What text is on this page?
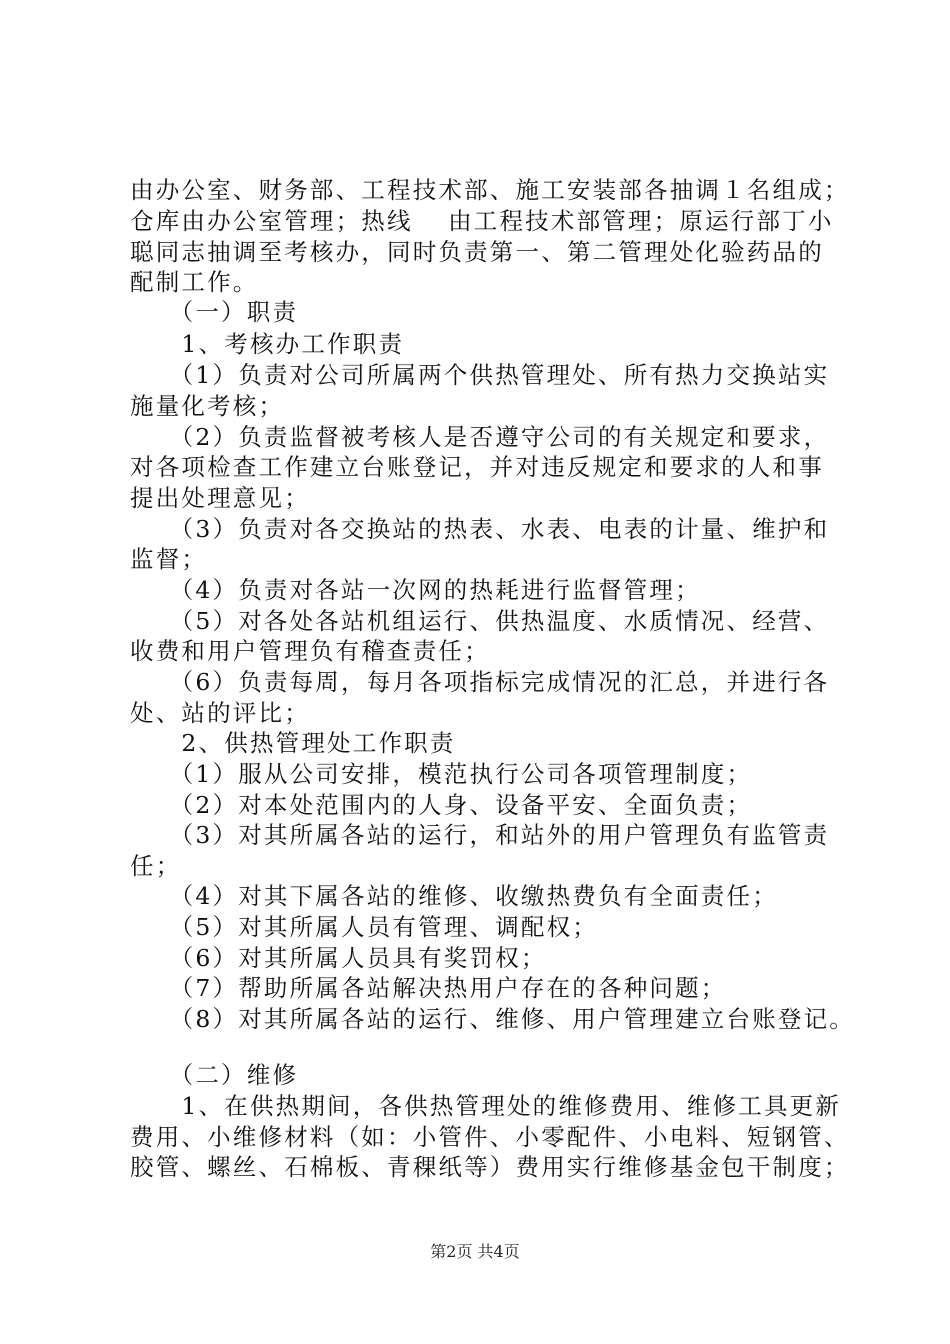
由办公室、财务部、工程技术部、施工安装部各抽调１名组成；
仓库由办公室管理；热线　 由工程技术部管理；原运行部丁小
聪同志抽调至考核办，同时负责第一、第二管理处化验药品的
配制工作。
　　（一）职责
　　1、考核办工作职责
　　（1）负责对公司所属两个供热管理处、所有热力交换站实
施量化考核；
　　（2）负责监督被考核人是否遵守公司的有关规定和要求，
对各项检查工作建立台账登记，并对违反规定和要求的人和事
提出处理意见；
　　（3）负责对各交换站的热表、水表、电表的计量、维护和
监督；
　　（4）负责对各站一次网的热耗进行监督管理；
　　（5）对各处各站机组运行、供热温度、水质情况、经营、
收费和用户管理负有稽查责任；
　　（6）负责每周，每月各项指标完成情况的汇总，并进行各
处、站的评比；
　　2、供热管理处工作职责
　　（1）服从公司安排，模范执行公司各项管理制度；
　　（2）对本处范围内的人身、设备平安、全面负责；
　　（3）对其所属各站的运行，和站外的用户管理负有监管责
任；
　　（4）对其下属各站的维修、收缴热费负有全面责任；
　　（5）对其所属人员有管理、调配权；
　　（6）对其所属人员具有奖罚权；
　　（7）帮助所属各站解决热用户存在的各种问题；
　　（8）对其所属各站的运行、维修、用户管理建立台账登记。
　　（二）维修
　　1、在供热期间，各供热管理处的维修费用、维修工具更新
费用、小维修材料（如：小管件、小零配件、小电料、短钢管、
胶管、螺丝、石棉板、青稞纸等）费用实行维修基金包干制度；
第2页 共4页
